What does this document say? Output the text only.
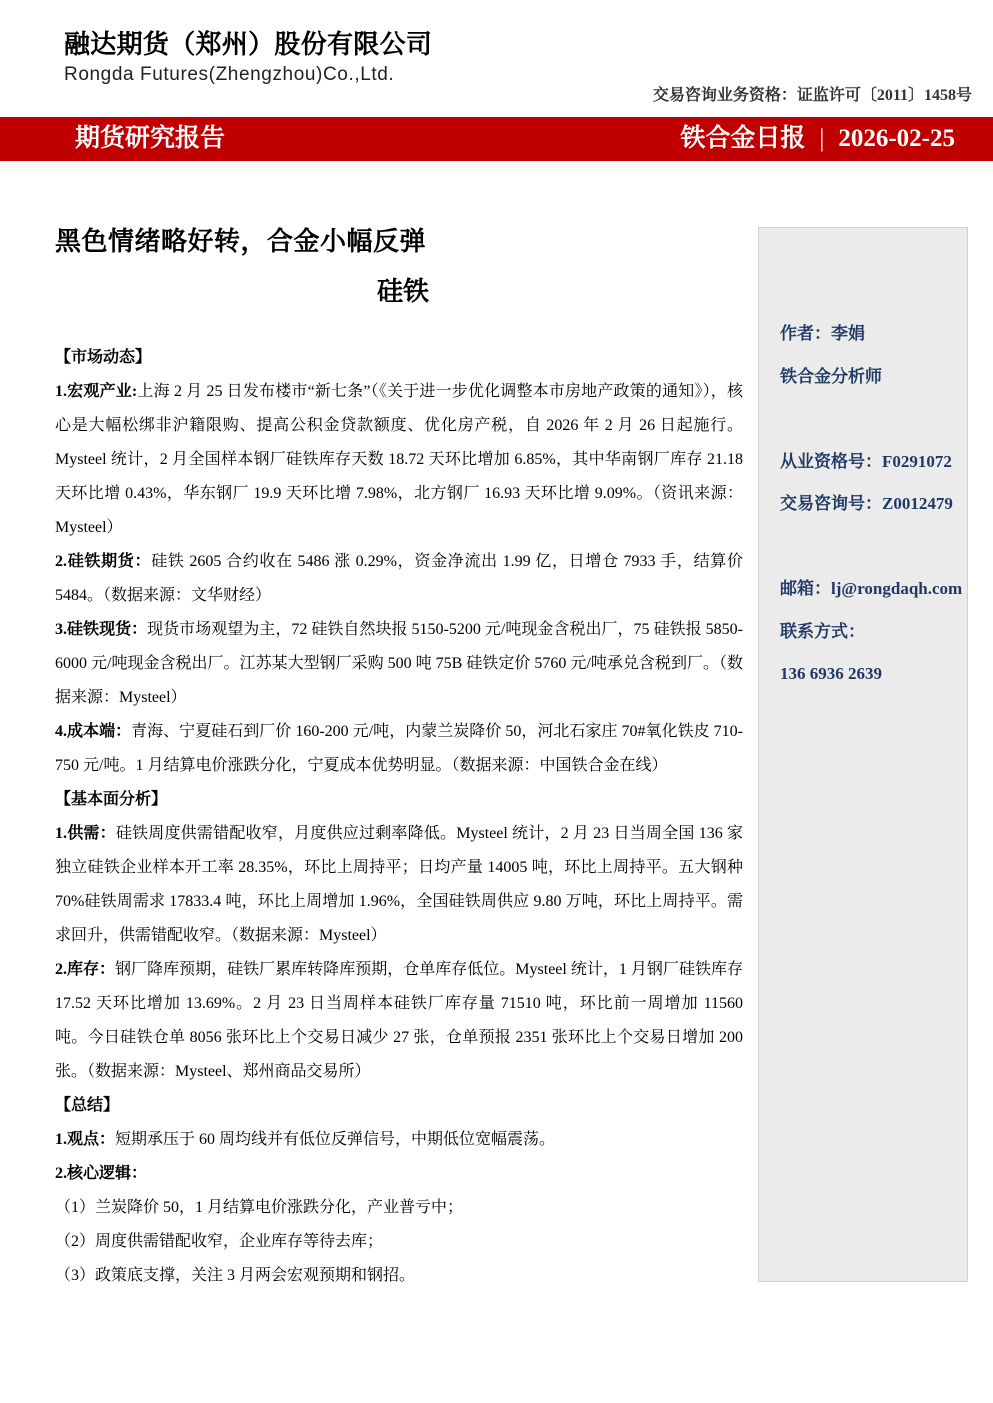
融达期货（郑州）股份有限公司
Rongda Futures(Zhengzhou)Co.,Ltd.
交易咨询业务资格：证监许可〔2011〕1458号
期货研究报告	铁合金日报 | 2026-02-25
黑色情绪略好转，合金小幅反弹
硅铁
作者：李娟
铁合金分析师
从业资格号：F0291072
交易咨询号：Z0012479
邮箱：lj@rongdaqh.com
联系方式：
136 6936 2639

【市场动态】

1.宏观产业:上海 2 月 25 日发布楼市“新七条”（《关于进一步优化调整本市房地产政策的通知》），核心是大幅松绑非沪籍限购、提高公积金贷款额度、优化房产税，自 2026 年 2 月 26 日起施行。Mysteel 统计，2 月全国样本钢厂硅铁库存天数 18.72 天环比增加 6.85%，其中华南钢厂库存 21.18 天环比增 0.43%，华东钢厂 19.9 天环比增 7.98%，北方钢厂 16.93 天环比增 9.09%。（资讯来源：Mysteel）

2.硅铁期货：硅铁 2605 合约收在 5486 涨 0.29%，资金净流出 1.99 亿，日增仓 7933 手，结算价 5484。（数据来源：文华财经）

3.硅铁现货：现货市场观望为主，72 硅铁自然块报 5150-5200 元/吨现金含税出厂，75 硅铁报 5850-6000 元/吨现金含税出厂。江苏某大型钢厂采购 500 吨 75B 硅铁定价 5760 元/吨承兑含税到厂。（数据来源：Mysteel）

4.成本端：青海、宁夏硅石到厂价 160-200 元/吨，内蒙兰炭降价 50，河北石家庄 70#氧化铁皮 710-750 元/吨。1 月结算电价涨跌分化，宁夏成本优势明显。（数据来源：中国铁合金在线）

【基本面分析】

1.供需：硅铁周度供需错配收窄，月度供应过剩率降低。Mysteel 统计，2 月 23 日当周全国 136 家独立硅铁企业样本开工率 28.35%，环比上周持平；日均产量 14005 吨，环比上周持平。五大钢种 70%硅铁周需求 17833.4 吨，环比上周增加 1.96%，全国硅铁周供应 9.80 万吨，环比上周持平。需求回升，供需错配收窄。（数据来源：Mysteel）

2.库存：钢厂降库预期，硅铁厂累库转降库预期，仓单库存低位。Mysteel 统计，1 月钢厂硅铁库存 17.52 天环比增加 13.69%。2 月 23 日当周样本硅铁厂库存量 71510 吨，环比前一周增加 11560 吨。今日硅铁仓单 8056 张环比上个交易日减少 27 张，仓单预报 2351 张环比上个交易日增加 200 张。（数据来源：Mysteel、郑州商品交易所）

【总结】

1.观点：短期承压于 60 周均线并有低位反弹信号，中期低位宽幅震荡。

2.核心逻辑：

（1）兰炭降价 50，1 月结算电价涨跌分化，产业普亏中；

（2）周度供需错配收窄，企业库存等待去库；

（3）政策底支撑，关注 3 月两会宏观预期和钢招。
